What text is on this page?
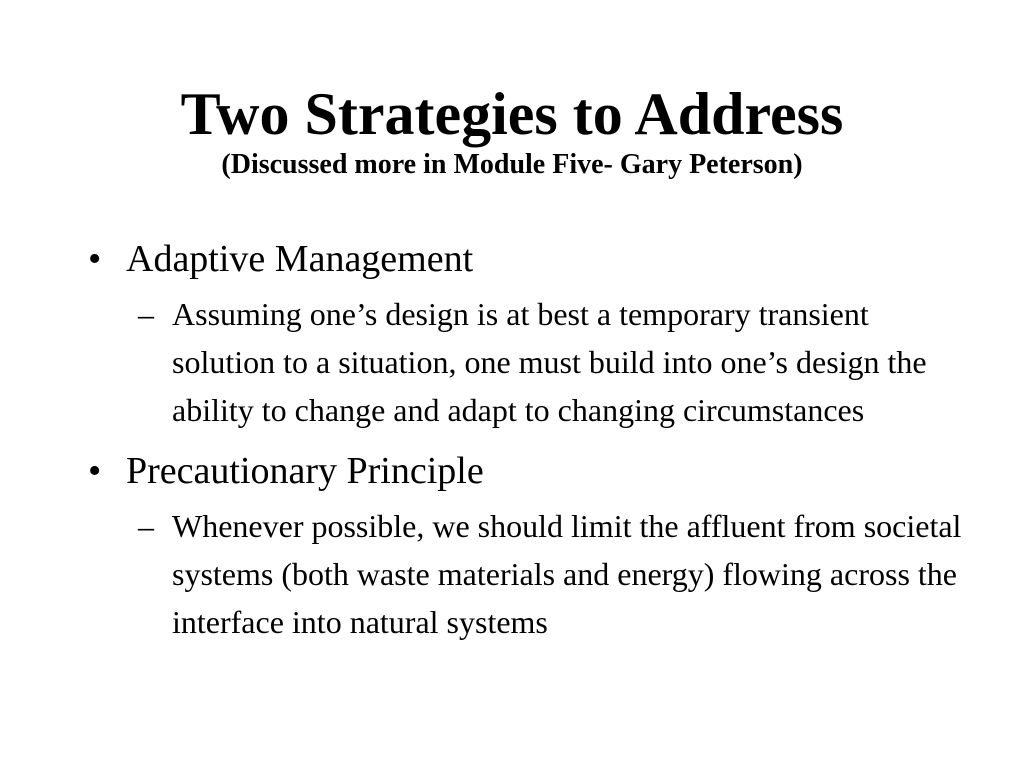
Two Strategies to Address

(Discussed more in Module Five- Gary Peterson)

• Adaptive Management

– Assuming one’s design is at best a temporary transient solution to a situation, one must build into one’s design the ability to change and adapt to changing circumstances

• Precautionary Principle

– Whenever possible, we should limit the affluent from societal systems (both waste materials and energy) flowing across the interface into natural systems
